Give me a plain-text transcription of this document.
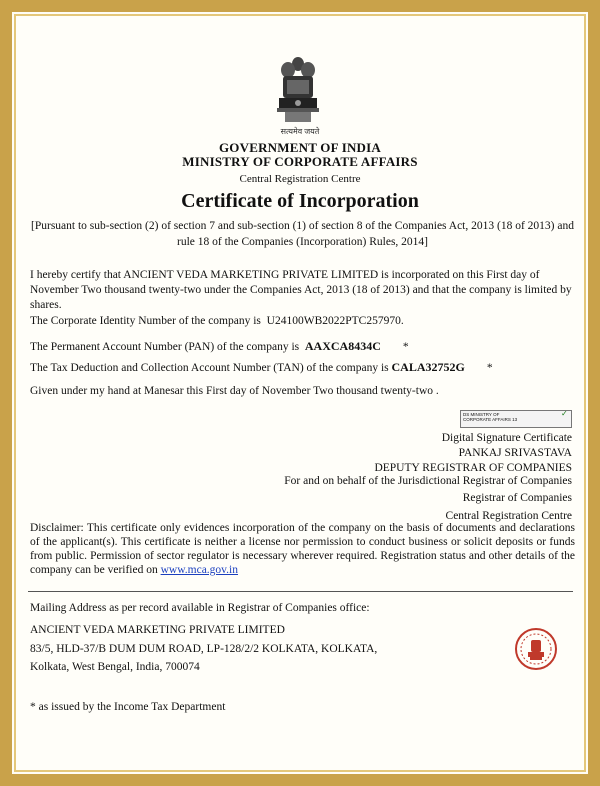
सत्यमेव जयते
GOVERNMENT OF INDIA
MINISTRY OF CORPORATE AFFAIRS
Central Registration Centre
Certificate of Incorporation
[Pursuant to sub-section (2) of section 7 and sub-section (1) of section 8 of the Companies Act, 2013 (18 of 2013) and rule 18 of the Companies (Incorporation) Rules, 2014]
I hereby certify that ANCIENT VEDA MARKETING PRIVATE LIMITED is incorporated on this First day of November Two thousand twenty-two under the Companies Act, 2013 (18 of 2013) and that the company is limited by shares.
The Corporate Identity Number of the company is U24100WB2022PTC257970.
The Permanent Account Number (PAN) of the company is AAXCA8434C *
The Tax Deduction and Collection Account Number (TAN) of the company is CALA32752G *
Given under my hand at Manesar this First day of November Two thousand twenty-two .
DS MINISTRY OF
CORPORATE AFFAIRS 13
✓
Digital Signature Certificate
PANKAJ SRIVASTAVA
DEPUTY REGISTRAR OF COMPANIES
For and on behalf of the Jurisdictional Registrar of Companies
Registrar of Companies
Central Registration Centre
Disclaimer: This certificate only evidences incorporation of the company on the basis of documents and declarations of the applicant(s). This certificate is neither a license nor permission to conduct business or solicit deposits or funds from public. Permission of sector regulator is necessary wherever required. Registration status and other details of the company can be verified on www.mca.gov.in
Mailing Address as per record available in Registrar of Companies office:
ANCIENT VEDA MARKETING PRIVATE LIMITED
83/5, HLD-37/B DUM DUM ROAD, LP-128/2/2 KOLKATA, KOLKATA,
Kolkata, West Bengal, India, 700074
* as issued by the Income Tax Department
